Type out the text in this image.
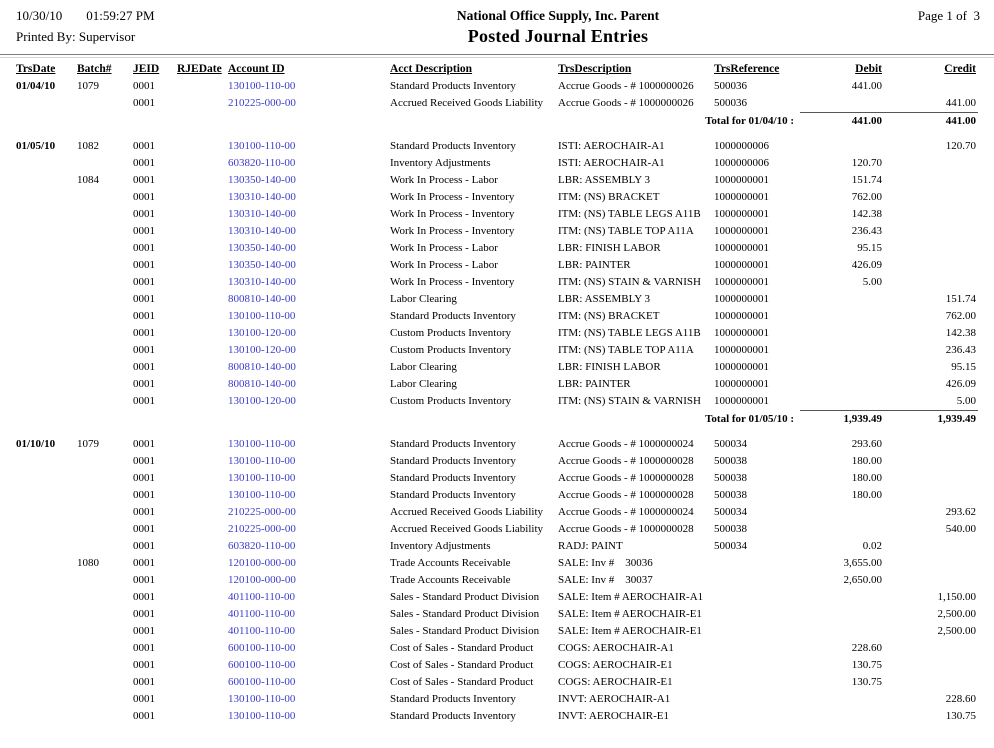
10/30/10 01:59:27 PM
Printed By: Supervisor
National Office Supply, Inc. Parent
Posted Journal Entries
Page 1 of  3
TrsDate	Batch#	JEID	RJEDate	Account ID	Acct Description	TrsDescription	TrsReference	Debit	Credit
01/04/10	1079	0001		130100-110-00	Standard Products Inventory	Accrue Goods - # 1000000026	500036	441.00	
		0001		210225-000-00	Accrued Received Goods Liability	Accrue Goods - # 1000000026	500036		441.00
						Total for 01/04/10 :		441.00	441.00

01/05/10	1082	0001		130100-110-00	Standard Products Inventory	ISTI: AEROCHAIR-A1	1000000006		120.70
		0001		603820-110-00	Inventory Adjustments	ISTI: AEROCHAIR-A1	1000000006	120.70	
	1084	0001		130350-140-00	Work In Process - Labor	LBR: ASSEMBLY 3	1000000001	151.74	
		0001		130310-140-00	Work In Process - Inventory	ITM: (NS) BRACKET	1000000001	762.00	
		0001		130310-140-00	Work In Process - Inventory	ITM: (NS) TABLE LEGS A11B	1000000001	142.38	
		0001		130310-140-00	Work In Process - Inventory	ITM: (NS) TABLE TOP A11A	1000000001	236.43	
		0001		130350-140-00	Work In Process - Labor	LBR: FINISH LABOR	1000000001	95.15	
		0001		130350-140-00	Work In Process - Labor	LBR: PAINTER	1000000001	426.09	
		0001		130310-140-00	Work In Process - Inventory	ITM: (NS) STAIN & VARNISH	1000000001	5.00	
		0001		800810-140-00	Labor Clearing	LBR: ASSEMBLY 3	1000000001		151.74
		0001		130100-110-00	Standard Products Inventory	ITM: (NS) BRACKET	1000000001		762.00
		0001		130100-120-00	Custom Products Inventory	ITM: (NS) TABLE LEGS A11B	1000000001		142.38
		0001		130100-120-00	Custom Products Inventory	ITM: (NS) TABLE TOP A11A	1000000001		236.43
		0001		800810-140-00	Labor Clearing	LBR: FINISH LABOR	1000000001		95.15
		0001		800810-140-00	Labor Clearing	LBR: PAINTER	1000000001		426.09
		0001		130100-120-00	Custom Products Inventory	ITM: (NS) STAIN & VARNISH	1000000001		5.00
						Total for 01/05/10 :		1,939.49	1,939.49

01/10/10	1079	0001		130100-110-00	Standard Products Inventory	Accrue Goods - # 1000000024	500034	293.60	
		0001		130100-110-00	Standard Products Inventory	Accrue Goods - # 1000000028	500038	180.00	
		0001		130100-110-00	Standard Products Inventory	Accrue Goods - # 1000000028	500038	180.00	
		0001		130100-110-00	Standard Products Inventory	Accrue Goods - # 1000000028	500038	180.00	
		0001		210225-000-00	Accrued Received Goods Liability	Accrue Goods - # 1000000024	500034		293.62
		0001		210225-000-00	Accrued Received Goods Liability	Accrue Goods - # 1000000028	500038		540.00
		0001		603820-110-00	Inventory Adjustments	RADJ: PAINT	500034	0.02	
	1080	0001		120100-000-00	Trade Accounts Receivable	SALE: Inv #    30036		3,655.00	
		0001		120100-000-00	Trade Accounts Receivable	SALE: Inv #    30037		2,650.00	
		0001		401100-110-00	Sales - Standard Product Division	SALE: Item # AEROCHAIR-A1			1,150.00
		0001		401100-110-00	Sales - Standard Product Division	SALE: Item # AEROCHAIR-E1			2,500.00
		0001		401100-110-00	Sales - Standard Product Division	SALE: Item # AEROCHAIR-E1			2,500.00
		0001		600100-110-00	Cost of Sales - Standard Product	COGS: AEROCHAIR-A1		228.60	
		0001		600100-110-00	Cost of Sales - Standard Product	COGS: AEROCHAIR-E1		130.75	
		0001		600100-110-00	Cost of Sales - Standard Product	COGS: AEROCHAIR-E1		130.75	
		0001		130100-110-00	Standard Products Inventory	INVT: AEROCHAIR-A1			228.60
		0001		130100-110-00	Standard Products Inventory	INVT: AEROCHAIR-E1			130.75
